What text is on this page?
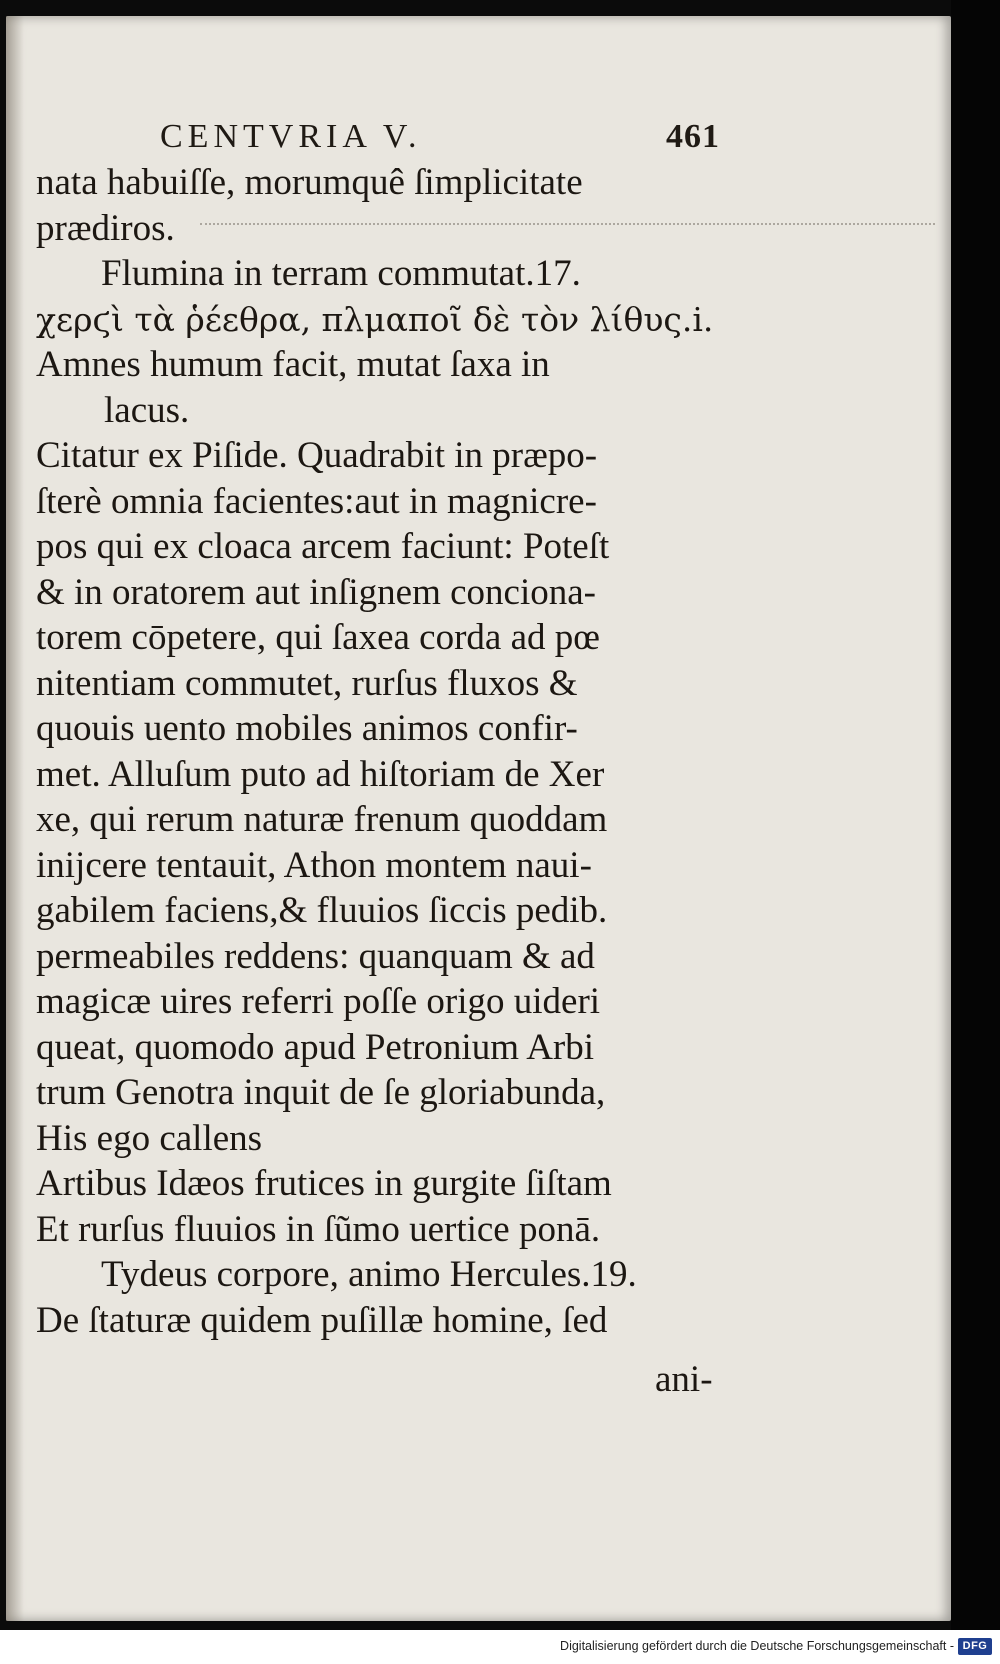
CENTVRIA V.	461
nata habuiſſe, morumquê ſimplicitate
prædiros.
Flumina in terram commutat.17.
χερϛὶ τὰ ῥέεθρα, πλμαποῖ δὲ τὸν λίθυς.i.
Amnes humum facit, mutat ſaxa in
lacus.
Citatur ex Piſide. Quadrabit in præpo-
ſterè omnia facientes:aut in magnicre-
pos qui ex cloaca arcem faciunt: Poteſt
& in oratorem aut inſignem conciona-
torem cōpetere, qui ſaxea corda ad pœ
nitentiam commutet, rurſus fluxos &
quouis uento mobiles animos confir-
met. Alluſum puto ad hiſtoriam de Xer
xe, qui rerum naturæ frenum quoddam
inijcere tentauit, Athon montem naui-
gabilem faciens,& fluuios ſiccis pedib.
permeabiles reddens: quanquam & ad
magicæ uires referri poſſe origo uideri
queat, quomodo apud Petronium Arbi
trum Genotra inquit de ſe gloriabunda,
His ego callens
Artibus Idæos frutices in gurgite ſiſtam
Et rurſus fluuios in ſũmo uertice ponā.
Tydeus corpore, animo Hercules.19.
De ſtaturæ quidem puſillæ homine, ſed
ani-
Digitalisierung gefördert durch die Deutsche Forschungsgemeinschaft - DFG
